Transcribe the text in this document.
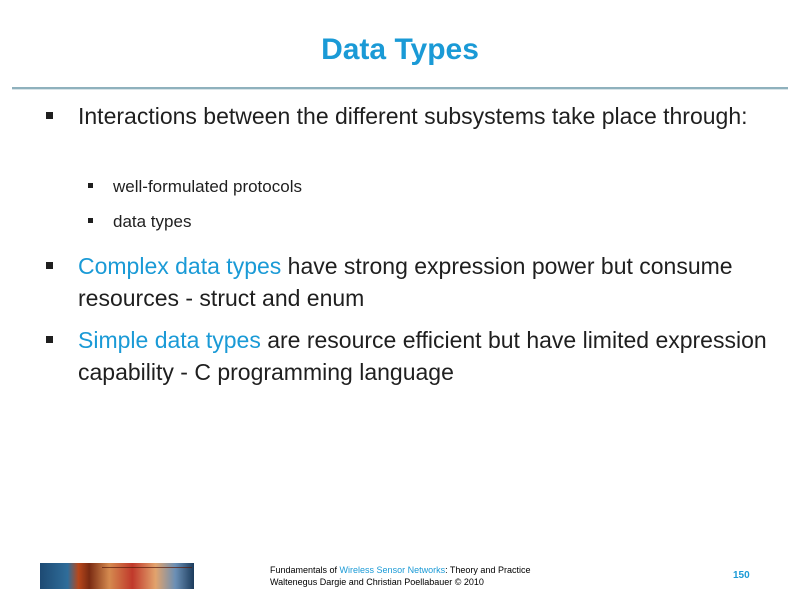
Data Types
Interactions between the different subsystems take place through:
well-formulated protocols
data types
Complex data types have strong expression power but consume resources - struct and enum
Simple data types are resource efficient but have limited expression capability - C programming language
Fundamentals of Wireless Sensor Networks: Theory and Practice
Waltenegus Dargie and Christian Poellabauer © 2010
150
